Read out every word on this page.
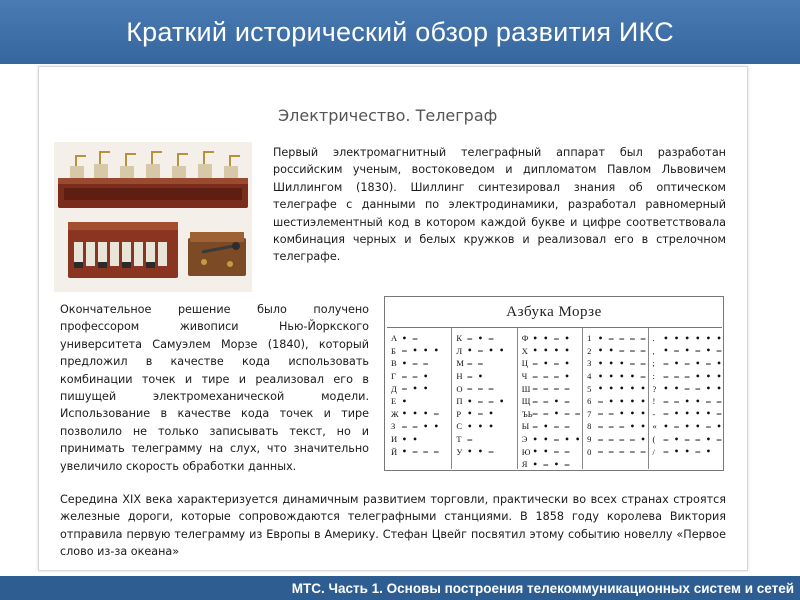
Краткий исторический обзор развития ИКС
Электричество. Телеграф

Первый электромагнитный телеграфный аппарат был разработан российским ученым, востоковедом и дипломатом Павлом Львовичем Шиллингом (1830). Шиллинг синтезировал знания об оптическом телеграфе с данными по электродинамики, разработал равномерный шестиэлементный код в котором каждой букве и цифре соответствовала комбинация черных и белых кружков и реализовал его в стрелочном телеграфе.

Окончательное решение было получено профессором живописи Нью-Йоркского университета Самуэлем Морзе (1840), который предложил в качестве кода использовать комбинации точек и тире и реализовал его в пишущей электромеханической модели. Использование в качестве кода точек и тире позволило не только записывать текст, но и принимать телеграмму на слух, что значительно увеличило скорость обработки данных.

Середина XIX века характеризуется динамичным развитием торговли, практически во всех странах строятся железные дороги, которые сопровождаются телеграфными станциями. В 1858 году королева Виктория отправила первую телеграмму из Европы в Америку. Стефан Цвейг посвятил этому событию новеллу «Первое слово из-за океана»

Азбука Морзе
А • —
Б — • • •
В • — —
Г — — •
Д — • •
Е •
Ж • • • —
З — — • •
И • •
Й • — — —
К — • —
Л • — • •
М — —
Н — •
О — — —
П • — — •
Р • — •
С • • •
Т —
У • • —
Ф • • — •
Х • • • •
Ц — • — •
Ч — — — •
Ш — — — —
Щ — — • —
ЪЬ — — • — —
Ы — • — —
Э • • — • •
Ю • • — —
Я • — • —
1 • — — — —
2 • • — — —
3 • • • — —
4 • • • • —
5 • • • • •
6 — • • • •
7 — — • • •
8 — — — • •
9 — — — — •
0 — — — — —
.	• • • • • •
,	• — • — • —
;	— • — • — •
:	— — — • • •
? • • — — • •
!	— — • • — —
-	— • • • • —
« • — • • — •
(	— • — — • —
/	— • • — •
МТС. Часть 1. Основы построения телекоммуникационных систем и сетей
